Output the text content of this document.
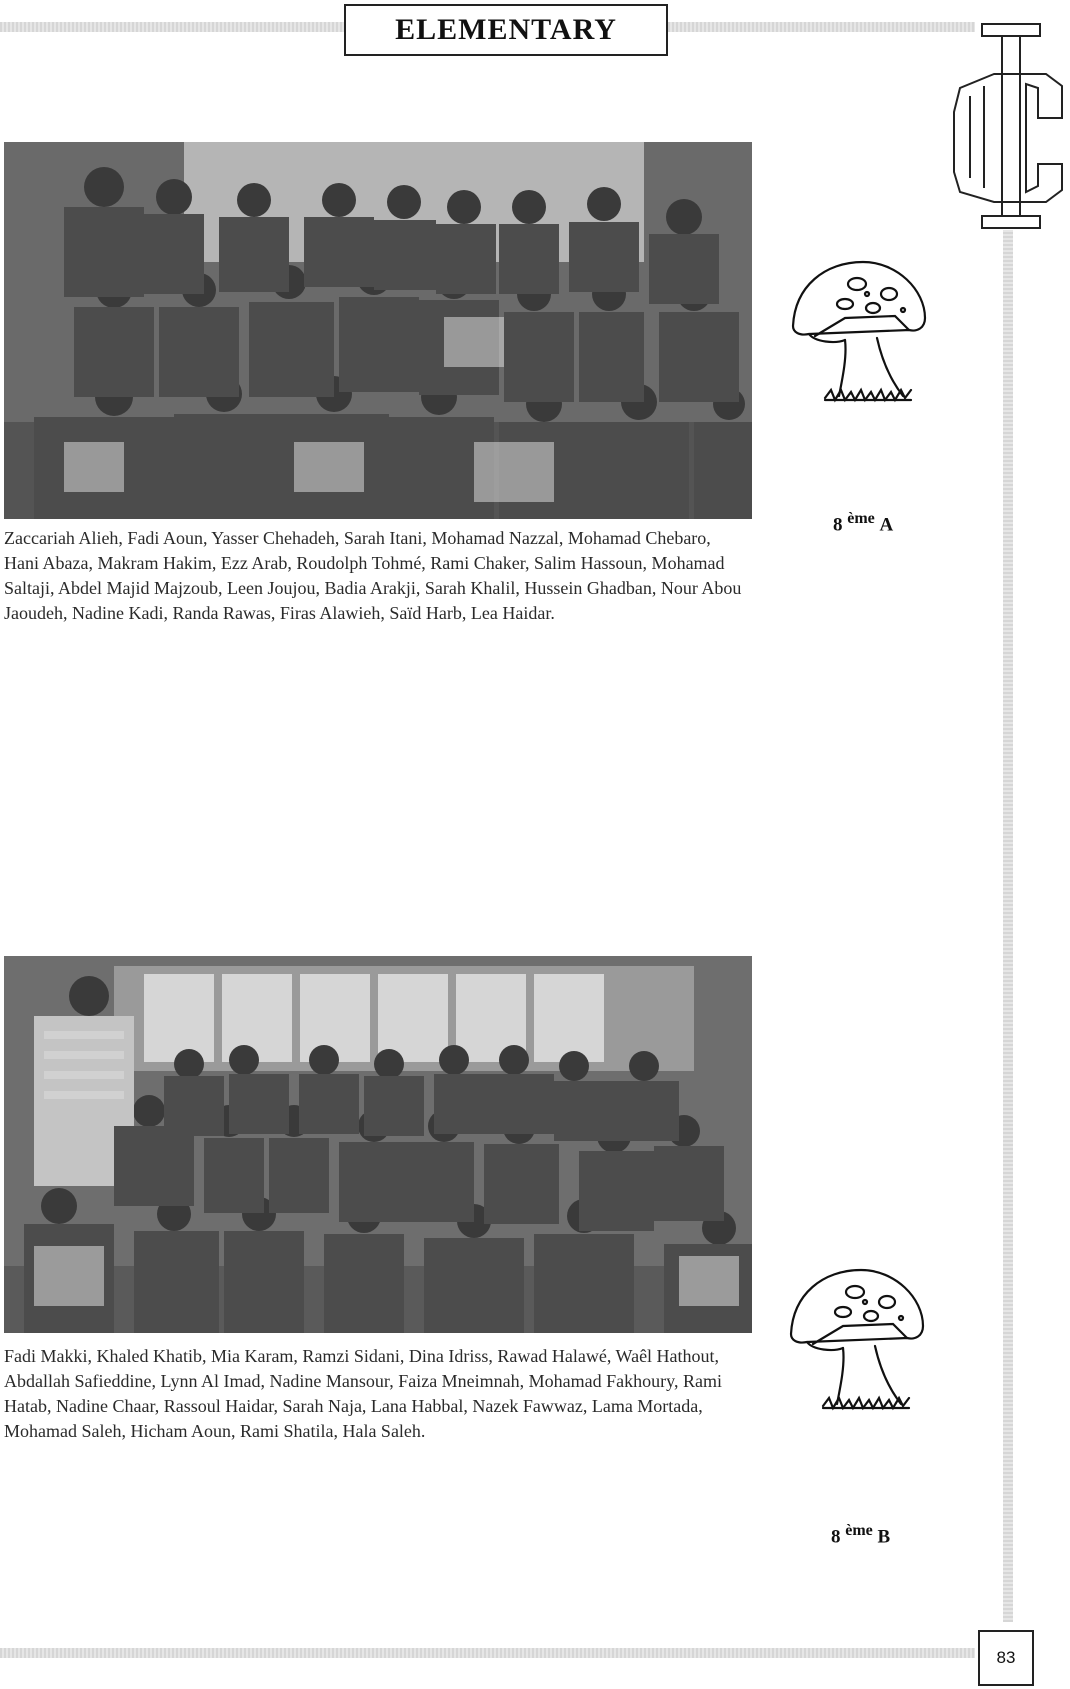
ELEMENTARY
Zaccariah Alieh, Fadi Aoun, Yasser Chehadeh, Sarah Itani, Mohamad Nazzal, Mohamad Chebaro, Hani Abaza, Makram Hakim, Ezz Arab, Roudolph Tohmé, Rami Chaker, Salim Hassoun, Mohamad Saltaji, Abdel Majid Majzoub, Leen Joujou, Badia Arakji, Sarah Khalil, Hussein Ghadban, Nour Abou Jaoudeh, Nadine Kadi, Randa Rawas, Firas Alawieh, Saïd Harb, Lea Haidar.
8 $^{ème}$ A
Fadi Makki, Khaled Khatib, Mia Karam, Ramzi Sidani, Dina Idriss, Rawad Halawé, Waêl Hathout, Abdallah Safieddine, Lynn Al Imad, Nadine Mansour, Faiza Mneimnah, Mohamad Fakhoury, Rami Hatab, Nadine Chaar, Rassoul Haidar, Sarah Naja, Lana Habbal, Nazek Fawwaz, Lama Mortada, Mohamad Saleh, Hicham Aoun, Rami Shatila, Hala Saleh.
8 $^{ème}$ B
83
